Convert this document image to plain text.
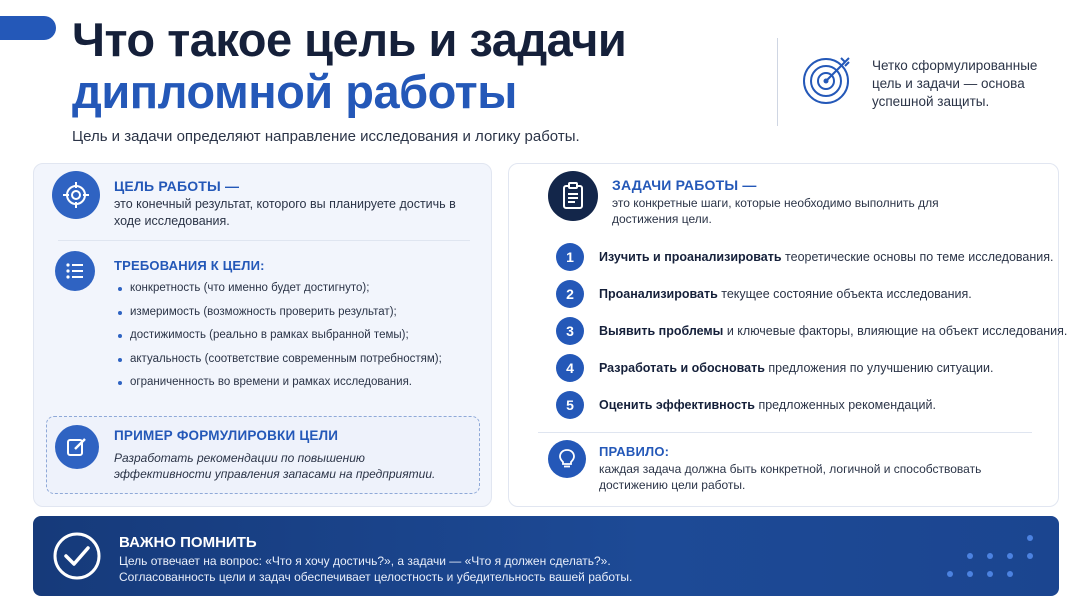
Что такое цель и задачи
дипломной работы
Цель и задачи определяют направление исследования и логику работы.
Четко сформулированные цель и задачи — основа успешной защиты.
ЦЕЛЬ РАБОТЫ —
это конечный результат, которого вы планируете достичь в ходе исследования.
ТРЕБОВАНИЯ К ЦЕЛИ:
конкретность (что именно будет достигнуто);
измеримость (возможность проверить результат);
достижимость (реально в рамках выбранной темы);
актуальность (соответствие современным потребностям);
ограниченность во времени и рамках исследования.
ПРИМЕР ФОРМУЛИРОВКИ ЦЕЛИ
Разработать рекомендации по повышению эффективности управления запасами на предприятии.
ЗАДАЧИ РАБОТЫ —
это конкретные шаги, которые необходимо выполнить для достижения цели.
1	Изучить и проанализировать теоретические основы по теме исследования.
2	Проанализировать текущее состояние объекта исследования.
3	Выявить проблемы и ключевые факторы, влияющие на объект исследования.
4	Разработать и обосновать предложения по улучшению ситуации.
5	Оценить эффективность предложенных рекомендаций.
ПРАВИЛО:
каждая задача должна быть конкретной, логичной и способствовать достижению цели работы.
ВАЖНО ПОМНИТЬ
Цель отвечает на вопрос: «Что я хочу достичь?», а задачи — «Что я должен сделать?».
Согласованность цели и задач обеспечивает целостность и убедительность вашей работы.
